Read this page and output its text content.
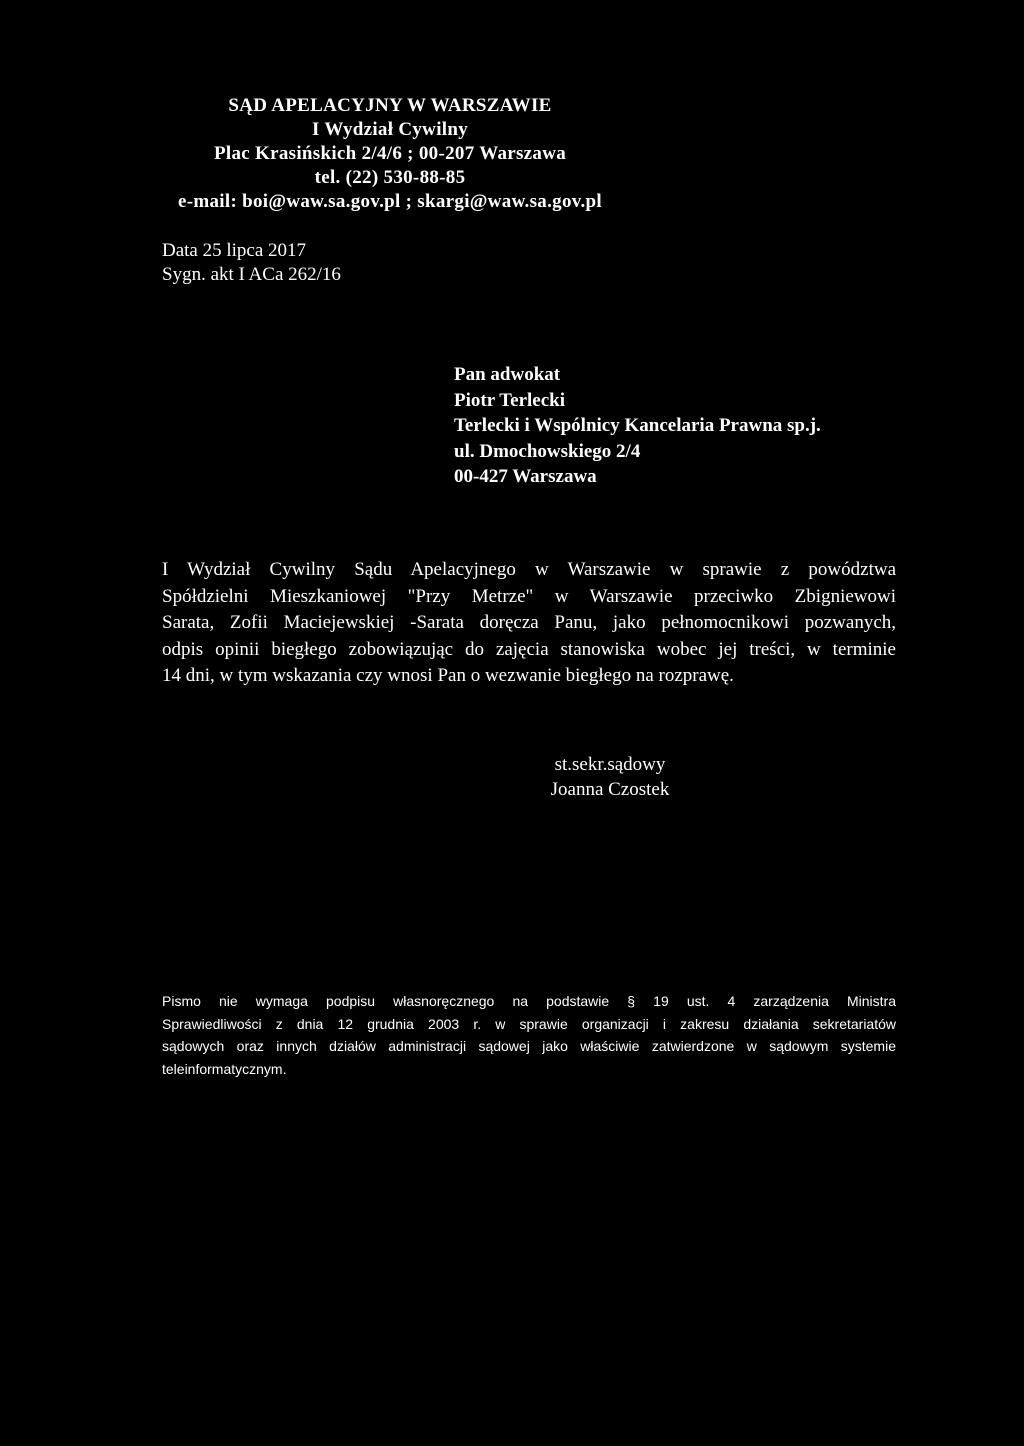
SĄD APELACYJNY W WARSZAWIE
I Wydział Cywilny
Plac Krasińskich 2/4/6 ; 00-207 Warszawa
tel. (22) 530-88-85
e-mail: boi@waw.sa.gov.pl ; skargi@waw.sa.gov.pl
Data 25 lipca 2017
Sygn. akt I ACa 262/16
Pan adwokat
Piotr Terlecki
Terlecki i Wspólnicy Kancelaria Prawna sp.j.
ul. Dmochowskiego 2/4
00-427 Warszawa
I Wydział Cywilny Sądu Apelacyjnego w Warszawie w sprawie z powództwa
Spółdzielni Mieszkaniowej "Przy Metrze" w Warszawie przeciwko Zbigniewowi
Sarata, Zofii Maciejewskiej -Sarata doręcza Panu, jako pełnomocnikowi pozwanych,
odpis opinii biegłego zobowiązując do zajęcia stanowiska wobec jej treści, w terminie
14 dni, w tym wskazania czy wnosi Pan o wezwanie biegłego na rozprawę.
st.sekr.sądowy
Joanna Czostek
Pismo nie wymaga podpisu własnoręcznego na podstawie § 19 ust. 4 zarządzenia Ministra
Sprawiedliwości z dnia 12 grudnia 2003 r. w sprawie organizacji i zakresu działania sekretariatów
sądowych oraz innych działów administracji sądowej jako właściwie zatwierdzone w sądowym systemie
teleinformatycznym.
